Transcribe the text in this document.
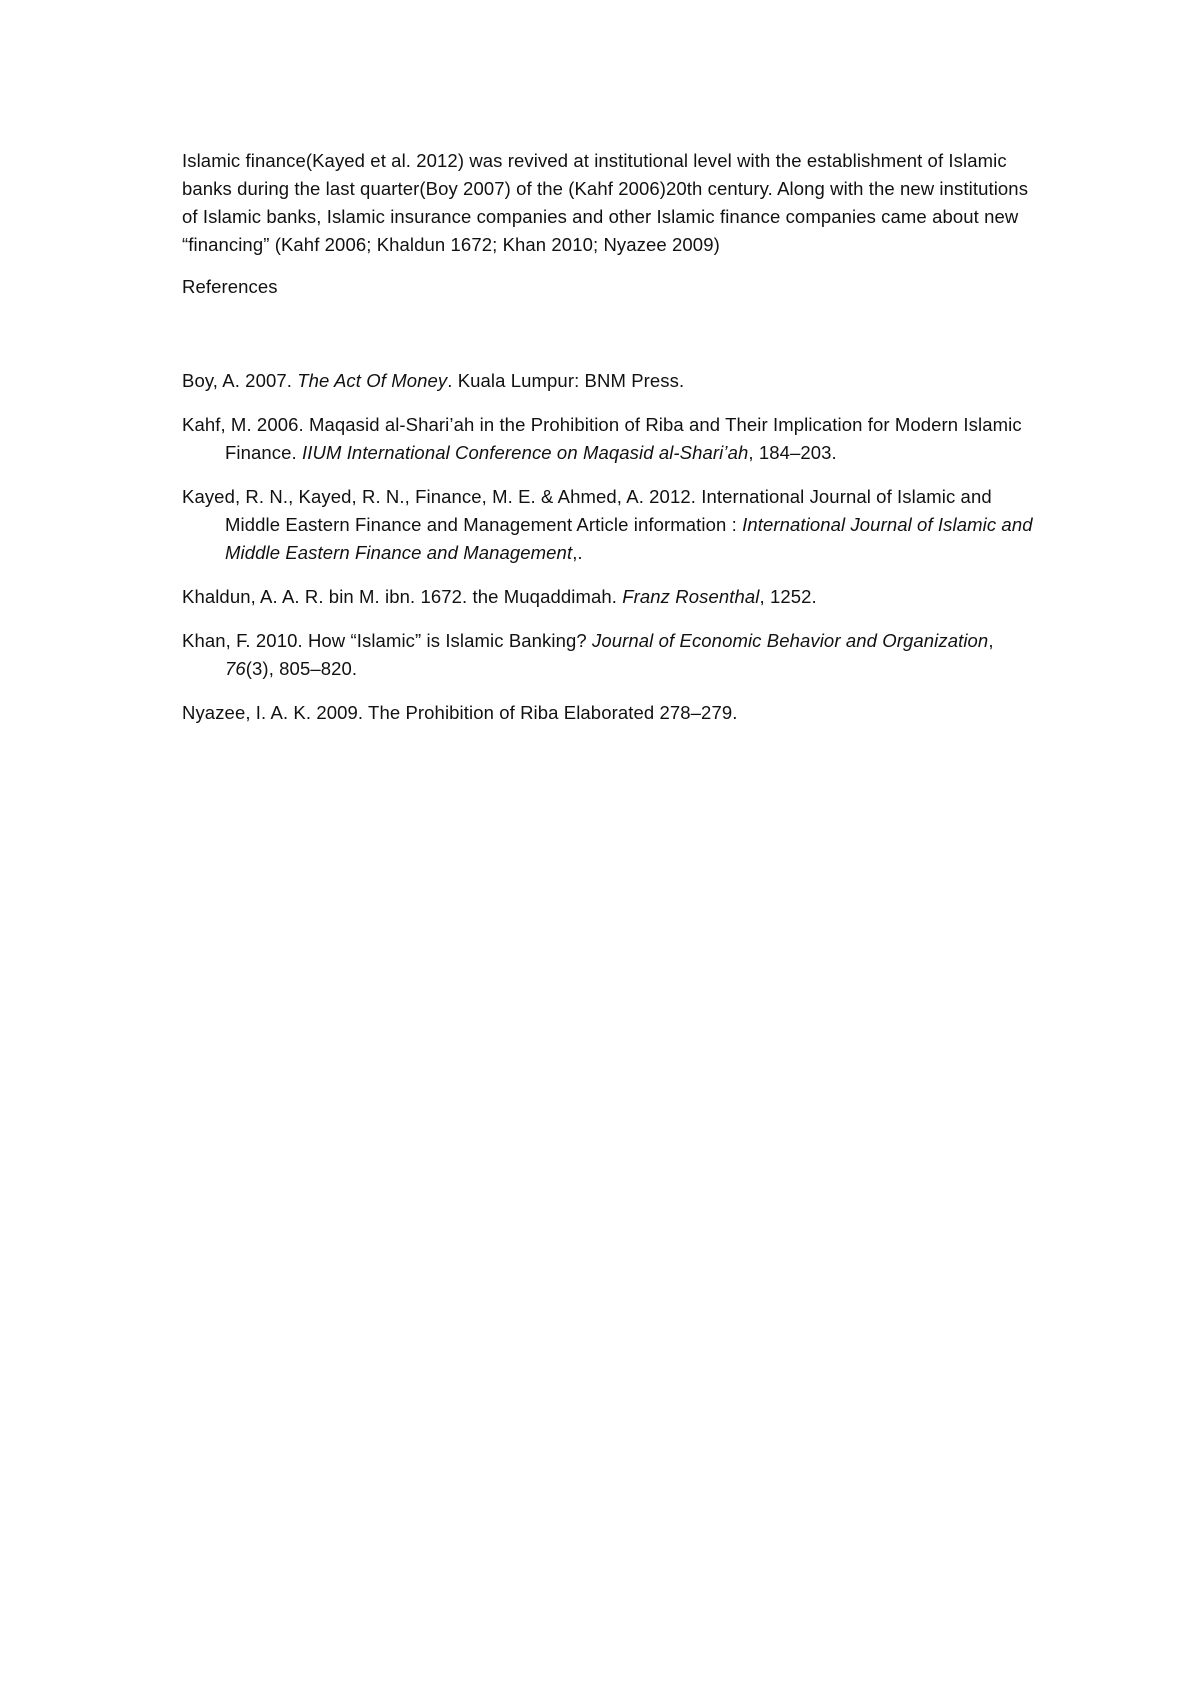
Islamic finance(Kayed et al. 2012) was revived at institutional level with the establishment of Islamic banks during the last quarter(Boy 2007) of the (Kahf 2006)20th century. Along with the new institutions of Islamic banks, Islamic insurance companies and other Islamic finance companies came about new “financing” (Kahf 2006; Khaldun 1672; Khan 2010; Nyazee 2009)

References

Boy, A. 2007. The Act Of Money. Kuala Lumpur: BNM Press.
Kahf, M. 2006. Maqasid al-Shari’ah in the Prohibition of Riba and Their Implication for Modern Islamic Finance. IIUM International Conference on Maqasid al-Shari’ah, 184–203.
Kayed, R. N., Kayed, R. N., Finance, M. E. & Ahmed, A. 2012. International Journal of Islamic and Middle Eastern Finance and Management Article information : International Journal of Islamic and Middle Eastern Finance and Management,.
Khaldun, A. A. R. bin M. ibn. 1672. the Muqaddimah. Franz Rosenthal, 1252.
Khan, F. 2010. How “Islamic” is Islamic Banking? Journal of Economic Behavior and Organization, 76(3), 805–820.
Nyazee, I. A. K. 2009. The Prohibition of Riba Elaborated 278–279.
